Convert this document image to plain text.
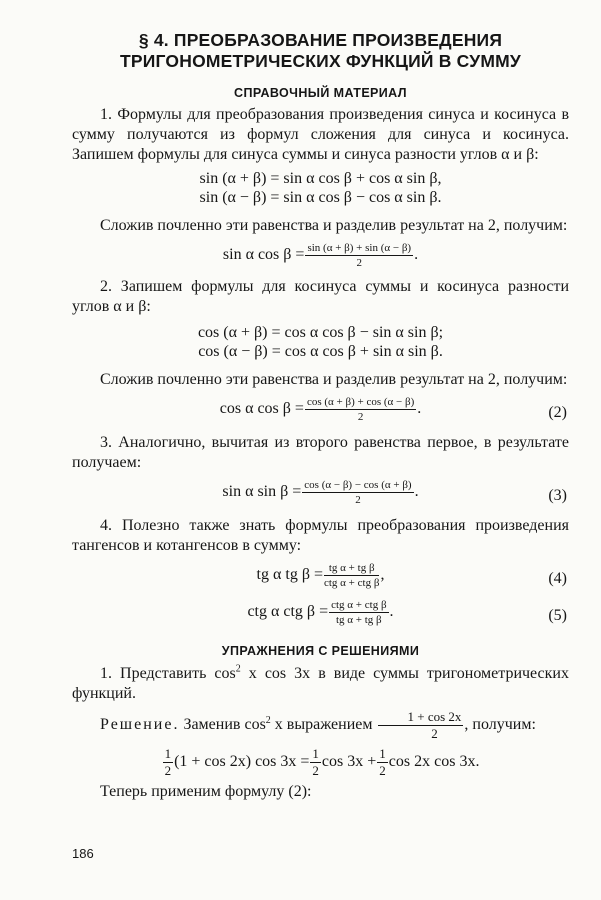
§ 4. ПРЕОБРАЗОВАНИЕ ПРОИЗВЕДЕНИЯ
ТРИГОНОМЕТРИЧЕСКИХ ФУНКЦИЙ В СУММУ
СПРАВОЧНЫЙ МАТЕРИАЛ
1. Формулы для преобразования произведения синуса и косинуса в сумму получаются из формул сложения для синуса и косинуса. Запишем формулы для синуса суммы и синуса разности углов α и β:
sin (α + β) = sin α cos β + cos α sin β,
sin (α − β) = sin α cos β − cos α sin β.
Сложив почленно эти равенства и разделив результат на 2, получим:
sin α $\cos \beta = \frac{\sin (\alpha + \beta) + \sin (\alpha - \beta)}{2}$ .
2. Запишем формулы для косинуса суммы и косинуса разности углов α и β:
cos (α + β) = cos α cos β − sin α sin β;
cos (α − β) = cos α cos β + sin α sin β.
Сложив почленно эти равенства и разделив результат на 2, получим:
cos α $\cos \beta = \frac{\cos (\alpha + \beta) + \cos (\alpha - \beta)}{2}$ .	(2)
3. Аналогично, вычитая из второго равенства первое, в результате получаем:
sin α $\sin \beta = \frac{\cos (\alpha - \beta) - \cos (\alpha + \beta)}{2}$ .	(3)
4. Полезно также знать формулы преобразования произведения тангенсов и котангенсов в сумму:
tg α tg $\beta = \frac{\text{tg α + tg β}}{\text{ctg α + ctg β}}$ ,	(4)
ctg α ctg $\beta = \frac{\text{ctg α + ctg β}}{\text{tg α + tg β}}$ .	(5)
УПРАЖНЕНИЯ С РЕШЕНИЯМИ
1. Представить $\cos^2 x$ cos 3x в виде суммы тригонометрических функций.
Решение. Заменив $\cos^2 x$ выражением $\frac{1 + \cos 2x}{2}$ , получим:
$\frac{1}{2} (1 + \cos 2x)$ $\cos 3x = \frac{1}{2}$ $\cos 3x + \frac{1}{2}$ cos 2x cos 3x.
Теперь применим формулу (2):
186
